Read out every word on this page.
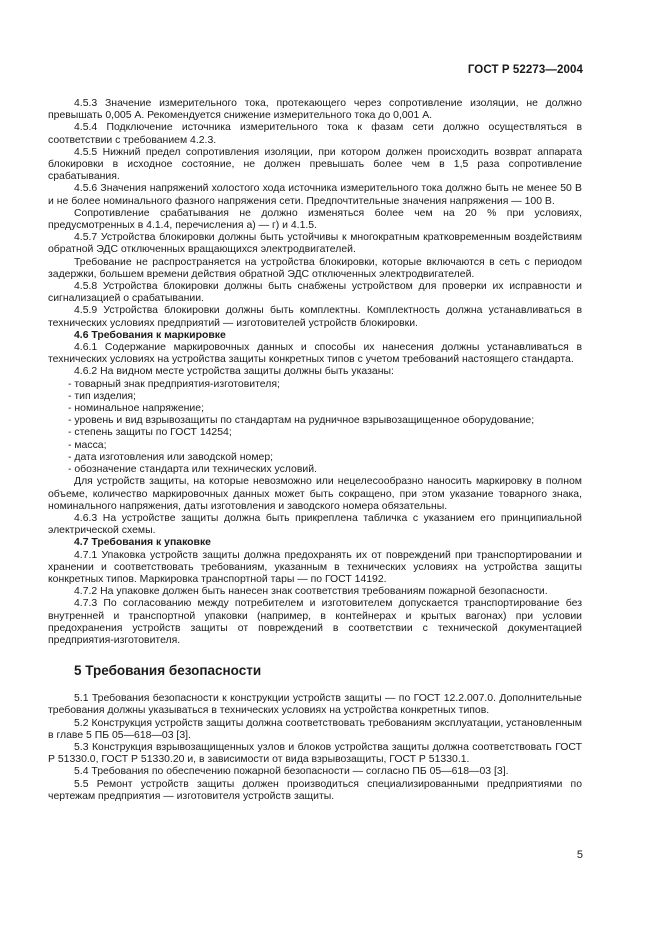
ГОСТ Р 52273—2004

4.5.3 Значение измерительного тока, протекающего через сопротивление изоляции, не должно превышать 0,005 А. Рекомендуется снижение измерительного тока до 0,001 А.

4.5.4 Подключение источника измерительного тока к фазам сети должно осуществляться в соответствии с требованием 4.2.3.

4.5.5 Нижний предел сопротивления изоляции, при котором должен происходить возврат аппарата блокировки в исходное состояние, не должен превышать более чем в 1,5 раза сопротивление срабатывания.

4.5.6 Значения напряжений холостого хода источника измерительного тока должно быть не менее 50 В и не более номинального фазного напряжения сети. Предпочтительные значения напряжения — 100 В.

Сопротивление срабатывания не должно изменяться более чем на 20 % при условиях, предусмотренных в 4.1.4, перечисления а) — г) и 4.1.5.

4.5.7 Устройства блокировки должны быть устойчивы к многократным кратковременным воздействиям обратной ЭДС отключенных вращающихся электродвигателей.

Требование не распространяется на устройства блокировки, которые включаются в сеть с периодом задержки, большем времени действия обратной ЭДС отключенных электродвигателей.

4.5.8 Устройства блокировки должны быть снабжены устройством для проверки их исправности и сигнализацией о срабатывании.

4.5.9 Устройства блокировки должны быть комплектны. Комплектность должна устанавливаться в технических условиях предприятий — изготовителей устройств блокировки.

4.6 Требования к маркировке

4.6.1 Содержание маркировочных данных и способы их нанесения должны устанавливаться в технических условиях на устройства защиты конкретных типов с учетом требований настоящего стандарта.

4.6.2 На видном месте устройства защиты должны быть указаны:

- товарный знак предприятия-изготовителя;

- тип изделия;

- номинальное напряжение;

- уровень и вид взрывозащиты по стандартам на рудничное взрывозащищенное оборудование;

- степень защиты по ГОСТ 14254;

- масса;

- дата изготовления или заводской номер;

- обозначение стандарта или технических условий.

Для устройств защиты, на которые невозможно или нецелесообразно наносить маркировку в полном объеме, количество маркировочных данных может быть сокращено, при этом указание товарного знака, номинального напряжения, даты изготовления и заводского номера обязательны.

4.6.3 На устройстве защиты должна быть прикреплена табличка с указанием его принципиальной электрической схемы.

4.7 Требования к упаковке

4.7.1 Упаковка устройств защиты должна предохранять их от повреждений при транспортировании и хранении и соответствовать требованиям, указанным в технических условиях на устройства защиты конкретных типов. Маркировка транспортной тары — по ГОСТ 14192.

4.7.2 На упаковке должен быть нанесен знак соответствия требованиям пожарной безопасности.

4.7.3 По согласованию между потребителем и изготовителем допускается транспортирование без внутренней и транспортной упаковки (например, в контейнерах и крытых вагонах) при условии предохранения устройств защиты от повреждений в соответствии с технической документацией предприятия-изготовителя.

5 Требования безопасности

5.1 Требования безопасности к конструкции устройств защиты — по ГОСТ 12.2.007.0. Дополнительные требования должны указываться в технических условиях на устройства конкретных типов.

5.2 Конструкция устройств защиты должна соответствовать требованиям эксплуатации, установленным в главе 5 ПБ 05—618—03 [3].

5.3 Конструкция взрывозащищенных узлов и блоков устройства защиты должна соответствовать ГОСТ Р 51330.0, ГОСТ Р 51330.20 и, в зависимости от вида взрывозащиты, ГОСТ Р 51330.1.

5.4 Требования по обеспечению пожарной безопасности — согласно ПБ 05—618—03 [3].

5.5 Ремонт устройств защиты должен производиться специализированными предприятиями по чертежам предприятия — изготовителя устройств защиты.

5
